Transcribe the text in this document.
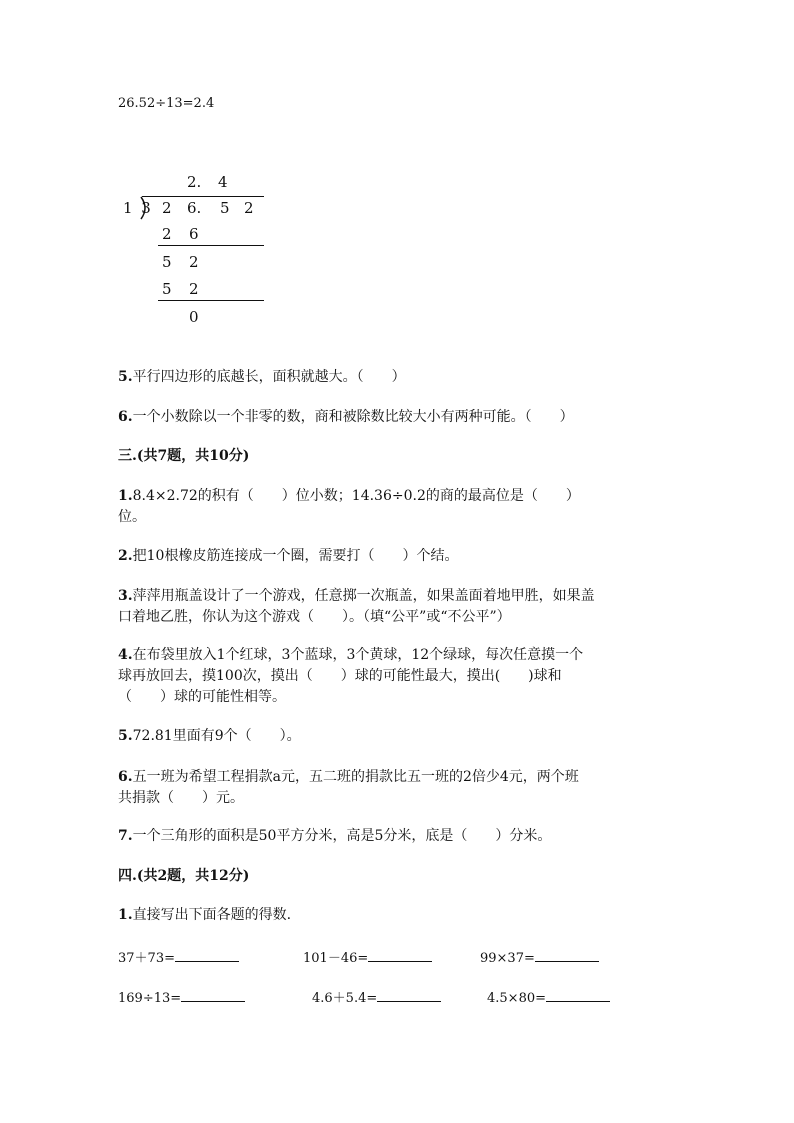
26.52÷13=2.4
2. 4
1 3 2 6. 5 2
2 6
5 2
5 2
0
5.平行四边形的底越长，面积就越大。（　　）
6.一个小数除以一个非零的数，商和被除数比较大小有两种可能。（　　）
三.(共7题，共10分)
1.8.4×2.72的积有（　　）位小数；14.36÷0.2的商的最高位是（　　）
位。
2.把10根橡皮筋连接成一个圈，需要打（　　）个结。
3.萍萍用瓶盖设计了一个游戏，任意掷一次瓶盖，如果盖面着地甲胜，如果盖
口着地乙胜，你认为这个游戏（　　）。（填“公平”或“不公平”）
4.在布袋里放入1个红球，3个蓝球，3个黄球，12个绿球，每次任意摸一个
球再放回去，摸100次，摸出（　　）球的可能性最大，摸出(　　)球和
（　　）球的可能性相等。
5.72.81里面有9个（　　）。
6.五一班为希望工程捐款a元，五二班的捐款比五一班的2倍少4元，两个班
共捐款（　　）元。
7.一个三角形的面积是50平方分米，高是5分米，底是（　　）分米。
四.(共2题，共12分)
1.直接写出下面各题的得数.
37＋73=	101－46=	99×37=
169÷13=	4.6＋5.4=	4.5×80=
